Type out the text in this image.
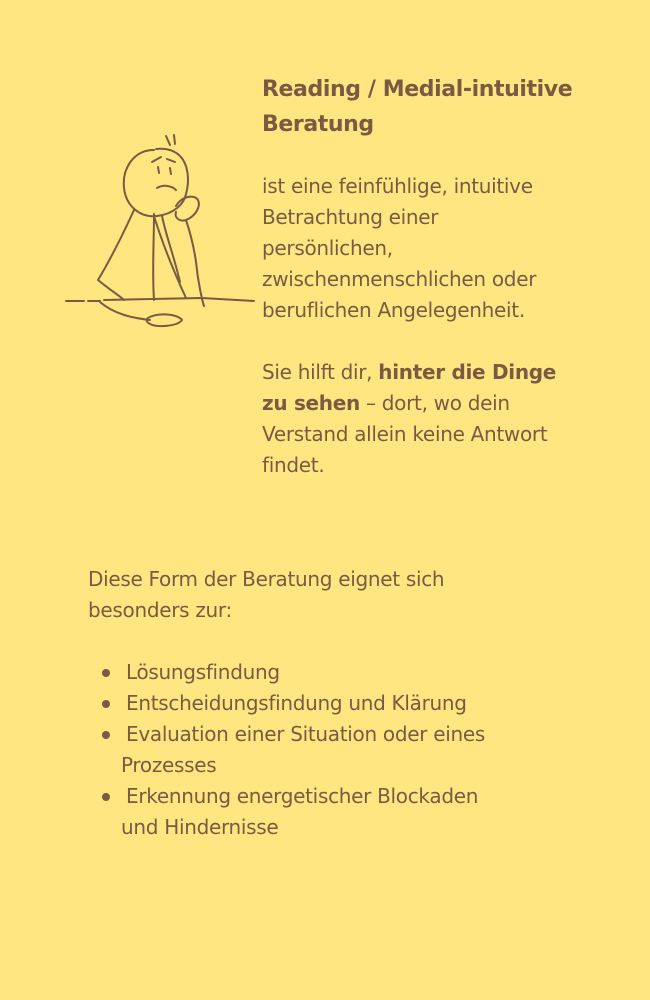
Reading / Medial-intuitive
Beratung

ist eine feinfühlige, intuitive
Betrachtung einer
persönlichen,
zwischenmenschlichen oder
beruflichen Angelegenheit.

Sie hilft dir, hinter die Dinge
zu sehen – dort, wo dein
Verstand allein keine Antwort
findet.

Diese Form der Beratung eignet sich
besonders zur:

Lösungsfindung
Entscheidungsfindung und Klärung
Evaluation einer Situation oder eines
Prozesses
Erkennung energetischer Blockaden
und Hindernisse
